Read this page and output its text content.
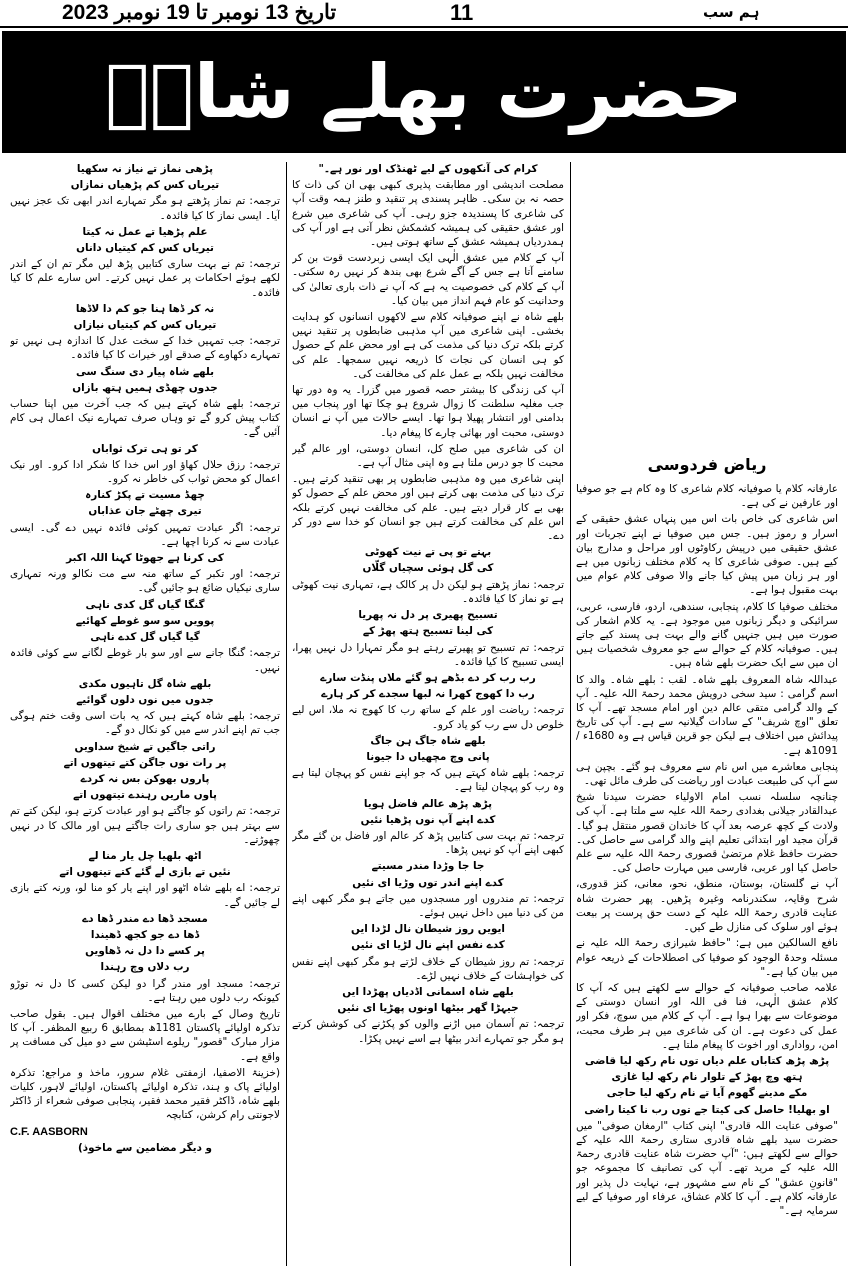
تاریخ 13 نومبر تا 19 نومبر 2023	11	ہم سب
حضرت بھلے شاہؒ
ریاض فردوسی

عارفانہ کلام یا صوفیانہ کلام شاعری کا وہ کام ہے جو صوفیا اور عارفین نے کی ہے۔

اس شاعری کی خاص بات اس میں پنہاں عشق حقیقی کے اسرار و رموز ہیں۔ جس میں صوفیا نے اپنے تجربات اور عشق حقیقی میں درپیش رکاوٹوں اور مراحل و مدارج بیان کیے ہیں۔ صوفی شاعری کا یہ کلام مختلف زبانوں میں ہے اور ہر زبان میں پیش کیا جانے والا صوفی کلام عوام میں بہت مقبول ہوا ہے۔

مختلف صوفیا کا کلام، پنجابی، سندھی، اردو، فارسی، عربی، سرائیکی و دیگر زبانوں میں موجود ہے۔ یہ کلام اشعار کی صورت میں ہیں جنہیں گانے والے بہت ہی پسند کیے جاتے ہیں۔ صوفیانہ کلام کے حوالے سے جو معروف شخصیات ہیں ان میں سے ایک حضرت بلھے شاہ ہیں۔

عبداللہ شاہ المعروف بلھے شاہ۔ لقب : بلھے شاہ۔ والد کا اسم گرامی : سید سخی درویش محمد رحمۃ اللہ علیہ۔ آپ کے والد گرامی متقی عالم دین اور امام مسجد تھے۔ آپ کا تعلق "اوچ شریف" کے سادات گیلانیہ سے ہے۔ آپ کی تاریخ پیدائش میں اختلاف ہے لیکن جو قرین قیاس ہے وہ 1680ء / 1091ھ ہے۔

پنجابی معاشرے میں اس نام سے معروف ہو گئے۔ بچپن ہی سے آپ کی طبیعت عبادت اور ریاضت کی طرف مائل تھی۔

چنانچہ سلسلہ نسب امام الاولیاء حضرت سیدنا شیخ عبدالقادر جیلانی بغدادی رحمۃ اللہ علیہ سے ملتا ہے۔ آپ کی ولادت کے کچھ عرصہ بعد آپ کا خاندان قصور منتقل ہو گیا۔ قرآن مجید اور ابتدائی تعلیم اپنے والد گرامی سے حاصل کی۔ حضرت حافظ غلام مرتضیٰ قصوری رحمۃ اللہ علیہ سے علم حاصل کیا اور عربی، فارسی میں مہارت حاصل کی۔

آپ نے گلستان، بوستان، منطق، نحو، معانی، کنز قدوری، شرح وقایہ، سکندرنامہ وغیرہ پڑھیں۔ پھر حضرت شاہ عنایت قادری رحمۃ اللہ علیہ کے دست حق پرست پر بیعت ہوئے اور سلوک کی منازل طے کیں۔

نافع السالکین میں ہے: "حافظ شیرازی رحمۃ اللہ علیہ نے مسئلہ وحدۃ الوجود کو صوفیا کی اصطلاحات کے ذریعہ عوام میں بیان کیا ہے۔"

علامہ صاحب صوفیانہ کے حوالے سے لکھتے ہیں کہ آپ کا کلام عشق الٰہی، فنا فی اللہ اور انسان دوستی کے موضوعات سے بھرا ہوا ہے۔ آپ کے کلام میں سوچ، فکر اور عمل کی دعوت ہے۔ ان کی شاعری میں ہر طرف محبت، امن، رواداری اور اخوت کا پیغام ملتا ہے۔

پڑھ پڑھ کتاباں علم دیاں توں نام رکھ لیا قاضی

ہتھ وچ پھڑ کے تلوار نام رکھ لیا غازی

مکے مدینے گھوم آیا تے نام رکھ لیا حاجی

او بھلیا! حاصل کی کیتا جے توں رب نا کیتا راضی

"صوفی عنایت اللہ قادری" اپنی کتاب "ارمغان صوفی" میں حضرت سید بلھے شاہ قادری ستاری رحمۃ اللہ علیہ کے حوالے سے لکھتے ہیں: "آپ حضرت شاہ عنایت قادری رحمۃ اللہ علیہ کے مرید تھے۔ آپ کی تصانیف کا مجموعہ جو "قانونِ عشق" کے نام سے مشہور ہے، نہایت دل پذیر اور عارفانہ کلام ہے۔ آپ کا کلام عشاق، عرفاء اور صوفیا کے لیے سرمایہ ہے۔"

کرام کی آنکھوں کے لیے ٹھنڈک اور نور ہے۔"

مصلحت اندیشی اور مطابقت پذیری کبھی بھی ان کی ذات کا حصہ نہ بن سکی۔ ظاہر پسندی پر تنقید و طنز ہمہ وقت آپ کی شاعری کا پسندیدہ جزو رہی۔ آپ کی شاعری میں شرع اور عشق حقیقی کی ہمیشہ کشمکش نظر آتی ہے اور آپ کی ہمدردیاں ہمیشہ عشق کے ساتھ ہوتی ہیں۔

آپ کے کلام میں عشق الٰہی ایک ایسی زبردست قوت بن کر سامنے آتا ہے جس کے آگے شرع بھی بندھ کر نہیں رہ سکتی۔ آپ کے کلام کی خصوصیت یہ ہے کہ آپ نے ذات باری تعالیٰ کی وحدانیت کو عام فہم انداز میں بیان کیا۔

بلھے شاہ نے اپنے صوفیانہ کلام سے لاکھوں انسانوں کو ہدایت بخشی۔ اپنی شاعری میں آپ مذہبی ضابطوں پر تنقید نہیں کرتے بلکہ ترک دنیا کی مذمت کی ہے اور محض علم کے حصول کو ہی انسان کی نجات کا ذریعہ نہیں سمجھا۔ علم کی مخالفت نہیں بلکہ بے عمل علم کی مخالفت کی۔

آپ کی زندگی کا بیشتر حصہ قصور میں گزرا۔ یہ وہ دور تھا جب مغلیہ سلطنت کا زوال شروع ہو چکا تھا اور پنجاب میں بدامنی اور انتشار پھیلا ہوا تھا۔ ایسے حالات میں آپ نے انسان دوستی، محبت اور بھائی چارے کا پیغام دیا۔

ان کی شاعری میں صلح کل، انسان دوستی، اور عالم گیر محبت کا جو درس ملتا ہے وہ اپنی مثال آپ ہے۔

اپنی شاعری میں وہ مذہبی ضابطوں پر بھی تنقید کرتے ہیں۔ ترک دنیا کی مذمت بھی کرتے ہیں اور محض علم کے حصول کو بھی بے کار قرار دیتے ہیں۔ علم کی مخالفت نہیں کرتے بلکہ اس علم کی مخالفت کرتے ہیں جو انسان کو خدا سے دور کر دے۔

بہتے تو پی تے نیت کھوٹی

کی گل ہوئی سچیاں گلّاں

ترجمہ: نماز پڑھتے ہو لیکن دل پر کالک ہے، تمہاری نیت کھوٹی ہے تو نماز کا کیا فائدہ۔

تسبیح پھیری پر دل نہ پھریا

کی لینا تسبیح ہتھ پھڑ کے

ترجمہ: تم تسبیح تو پھیرتے رہتے ہو مگر تمہارا دل نہیں پھرا، ایسی تسبیح کا کیا فائدہ۔

رب رب کر دے بڈھے ہو گئے ملاں پنڈت سارے

رب دا کھوج کھرا نہ لبھا سجدے کر کر ہارے

ترجمہ: ریاضت اور علم کے ساتھ رب کا کھوج نہ ملا، اس لیے خلوص دل سے رب کو یاد کرو۔

بلھے شاہ جاگ ہن جاگ

پانی وچ مچھیاں دا جیونا

ترجمہ: بلھے شاہ کہتے ہیں کہ جو اپنے نفس کو پہچان لیتا ہے وہ رب کو پہچان لیتا ہے۔

پڑھ پڑھ عالم فاضل ہویا

کدے اپنے آپ نوں پڑھیا نئیں

ترجمہ: تم بہت سی کتابیں پڑھ کر عالم اور فاضل بن گئے مگر کبھی اپنے آپ کو نہیں پڑھا۔

جا جا وڑدا مندر مسیتے

کدے اپنے اندر توں وڑیا ای نئیں

ترجمہ: تم مندروں اور مسجدوں میں جاتے ہو مگر کبھی اپنے من کی دنیا میں داخل نہیں ہوئے۔

ایویں روز شیطان نال لڑدا ایں

کدے نفس اپنے نال لڑیا ای نئیں

ترجمہ: تم روز شیطان کے خلاف لڑتے ہو مگر کبھی اپنے نفس کی خواہشات کے خلاف نہیں لڑے۔

بلھے شاہ اسمانی اڈدیاں پھڑدا ایں

جیہڑا گھر بیٹھا اونوں پھڑیا ای نئیں

ترجمہ: تم آسمان میں اڑنے والوں کو پکڑنے کی کوشش کرتے ہو مگر جو تمہارے اندر بیٹھا ہے اسے نہیں پکڑا۔

پڑھی نماز تے نیاز نہ سکھیا

تیریاں کس کم پڑھیاں نمازاں

ترجمہ: تم نماز پڑھتے ہو مگر تمہارے اندر ابھی تک عجز نہیں آیا۔ ایسی نماز کا کیا فائدہ۔

علم پڑھیا تے عمل نہ کیتا

تیریاں کس کم کیتیاں داناں

ترجمہ: تم نے بہت ساری کتابیں پڑھ لیں مگر تم ان کے اندر لکھے ہوئے احکامات پر عمل نہیں کرتے۔ اس سارے علم کا کیا فائدہ۔

نہ کر ڈھا ہنا جو کم دا لاڈھا

تیریاں کس کم کیتیاں نیازاں

ترجمہ: جب تمہیں خدا کے سخت عدل کا اندازہ ہی نہیں تو تمہارے دکھاوے کے صدقے اور خیرات کا کیا فائدہ۔

بلھے شاہ پیار دی سنگ سی

جدوں چھڈی ہمیں ہتھ بازاں

ترجمہ: بلھے شاہ کہتے ہیں کہ جب آخرت میں اپنا حساب کتاب پیش کرو گے تو وہاں صرف تمہارے نیک اعمال ہی کام آئیں گے۔

کر تو ہی ترک ثواباں

ترجمہ: رزق حلال کھاؤ اور اس خدا کا شکر ادا کرو۔ اور نیک اعمال کو محض ثواب کی خاطر نہ کرو۔

چھڈ مسیت تے پکڑ کنارہ

تیری چھٹے جان عذاباں

ترجمہ: اگر عبادت تمہیں کوئی فائدہ نہیں دے گی۔ ایسی عبادت سے نہ کرنا اچھا ہے۔

کی کرنا ہے جھوٹا کہنا اللہ اکبر

ترجمہ: اور تکبر کے ساتھ منہ سے مت نکالو ورنہ تمہاری ساری نیکیاں ضائع ہو جائیں گی۔

گنگا گیاں گل کدی ناہی

پوویں سو سو غوطے کھائیے

گیا گیاں گل کدے ناہی

ترجمہ: گنگا جانے سے اور سو بار غوطے لگانے سے کوئی فائدہ نہیں۔

بلھے شاہ گل تاہیوں مکدی

جدوں میں نوں دلوں گوائیے

ترجمہ: بلھے شاہ کہتے ہیں کہ یہ بات اسی وقت ختم ہوگی جب تم اپنے اندر سے میں کو نکال دو گے۔

راتی جاگیں تے شیخ سداویں

پر رات نوں جاگن کتے تیتھوں اتے

پاروں بھوکن بس نہ کردے

پاوں ماریں رہندے تیتھوں اتے

ترجمہ: تم راتوں کو جاگتے ہو اور عبادت کرتے ہو، لیکن کتے تم سے بہتر ہیں جو ساری رات جاگتے ہیں اور مالک کا در نہیں چھوڑتے۔

اٹھ بلھیا چل یار منا لے

نئیں تے بازی لے گئے کتے تیتھوں اتے

ترجمہ: اے بلھے شاہ اٹھو اور اپنے یار کو منا لو، ورنہ کتے بازی لے جائیں گے۔

مسجد ڈھا دے مندر ڈھا دے

ڈھا دے جو کجھ ڈھیندا

پر کسے دا دل نہ ڈھاویں

رب دلاں وچ رہندا

ترجمہ: مسجد اور مندر گرا دو لیکن کسی کا دل نہ توڑو کیونکہ رب دلوں میں رہتا ہے۔

تاریخ وصال کے بارے میں مختلف اقوال ہیں۔ بقول صاحب تذکرہ اولیائے پاکستان 1181ھ بمطابق 6 ربیع المظفر۔ آپ کا مزار مبارک "قصور" ریلوے اسٹیشن سے دو میل کی مسافت پر واقع ہے۔

(خزینۃ الاصفیا، ازمفتی غلام سرور، ماخذ و مراجع: تذکرہ اولیائے پاک و ہند، تذکرہ اولیائے پاکستان، اولیائے لاہور، کلیات بلھے شاہ، ڈاکٹر فقیر محمد فقیر، پنجابی صوفی شعراء از ڈاکٹر لاجونتی رام کرشن، کتابچہ

C.F. AASBORN

و دیگر مضامین سے ماخوذ)
